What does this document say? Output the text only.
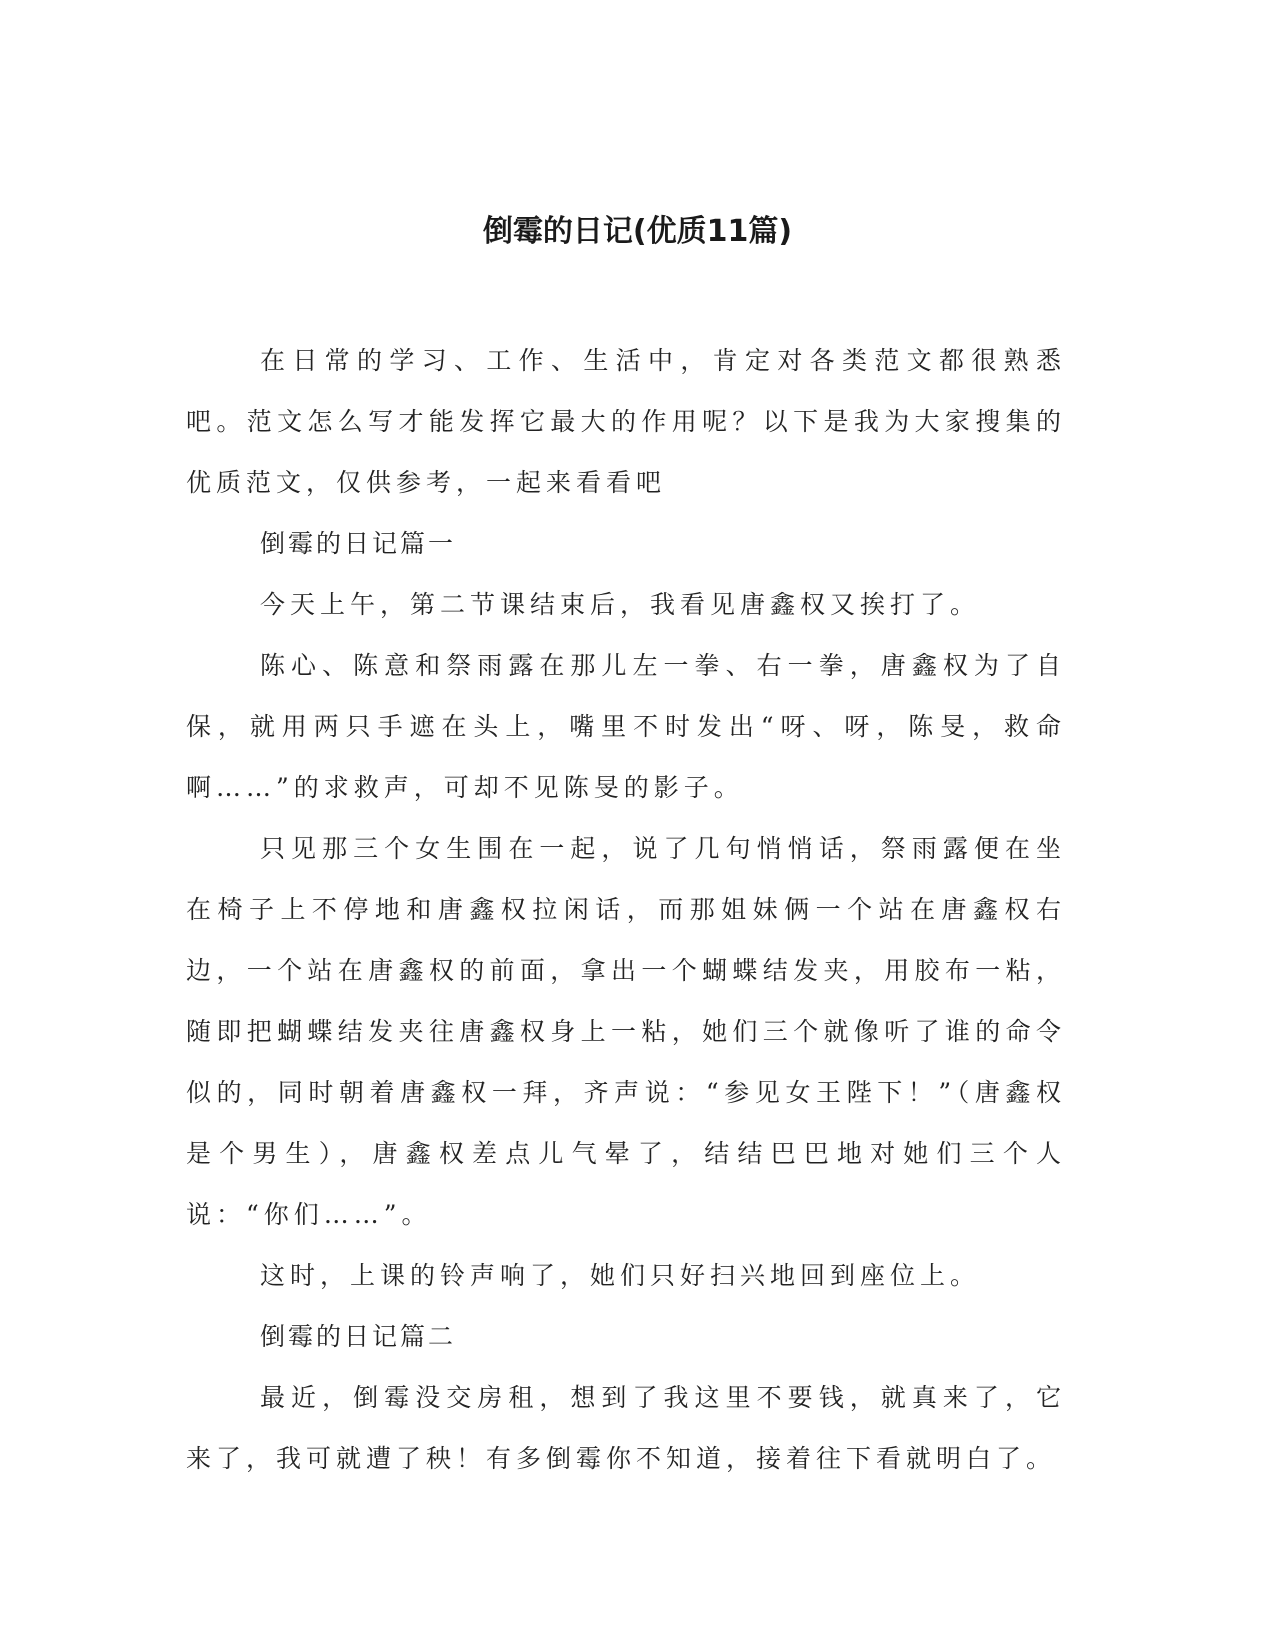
倒霉的日记(优质11篇)

在日常的学习、工作、生活中，肯定对各类范文都很熟悉吧。范文怎么写才能发挥它最大的作用呢？以下是我为大家搜集的优质范文，仅供参考，一起来看看吧

倒霉的日记篇一

今天上午，第二节课结束后，我看见唐鑫权又挨打了。

陈心、陈意和祭雨露在那儿左一拳、右一拳，唐鑫权为了自保，就用两只手遮在头上，嘴里不时发出“呀、呀，陈旻，救命啊……”的求救声，可却不见陈旻的影子。

只见那三个女生围在一起，说了几句悄悄话，祭雨露便在坐在椅子上不停地和唐鑫权拉闲话，而那姐妹俩一个站在唐鑫权右边，一个站在唐鑫权的前面，拿出一个蝴蝶结发夹，用胶布一粘，随即把蝴蝶结发夹往唐鑫权身上一粘，她们三个就像听了谁的命令似的，同时朝着唐鑫权一拜，齐声说：“参见女王陛下！”（唐鑫权是个男生），唐鑫权差点儿气晕了，结结巴巴地对她们三个人说：“你们……”。

这时，上课的铃声响了，她们只好扫兴地回到座位上。

倒霉的日记篇二

最近，倒霉没交房租，想到了我这里不要钱，就真来了，它来了，我可就遭了秧！有多倒霉你不知道，接着往下看就明白了。
